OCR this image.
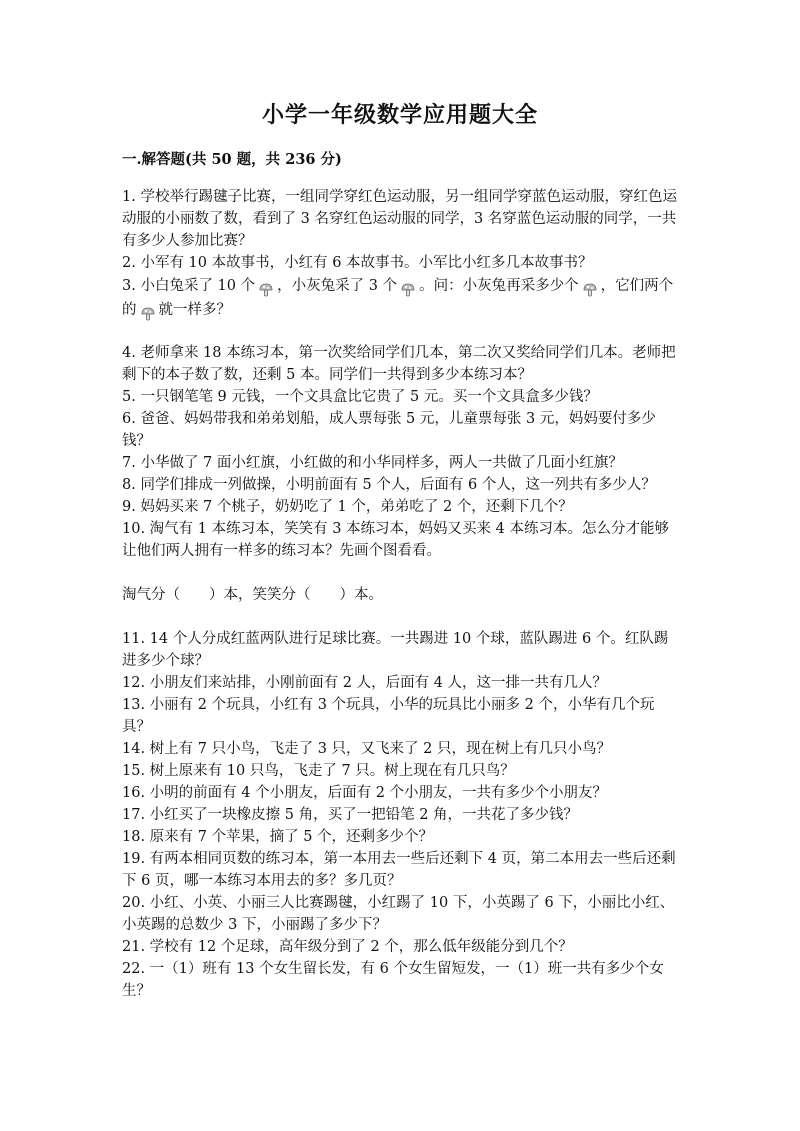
小学一年级数学应用题大全
一.解答题(共 50 题，共 236 分)

1. 学校举行踢毽子比赛，一组同学穿红色运动服，另一组同学穿蓝色运动服，穿红色运动服的小丽数了数，看到了 3 名穿红色运动服的同学，3 名穿蓝色运动服的同学，一共有多少人参加比赛？

2. 小军有 10 本故事书，小红有 6 本故事书。小军比小红多几本故事书？

3. 小白兔采了 10 个 ，小灰兔采了 3 个 。问：小灰兔再采多少个 ，它们两个的 就一样多？

4. 老师拿来 18 本练习本，第一次奖给同学们几本，第二次又奖给同学们几本。老师把剩下的本子数了数，还剩 5 本。同学们一共得到多少本练习本？

5. 一只钢笔笔 9 元钱，一个文具盒比它贵了 5 元。买一个文具盒多少钱？

6. 爸爸、妈妈带我和弟弟划船，成人票每张 5 元，儿童票每张 3 元，妈妈要付多少钱？

7. 小华做了 7 面小红旗，小红做的和小华同样多，两人一共做了几面小红旗？

8. 同学们排成一列做操，小明前面有 5 个人，后面有 6 个人，这一列共有多少人？

9. 妈妈买来 7 个桃子，奶奶吃了 1 个，弟弟吃了 2 个，还剩下几个？

10. 淘气有 1 本练习本，笑笑有 3 本练习本，妈妈又买来 4 本练习本。怎么分才能够让他们两人拥有一样多的练习本？先画个图看看。

淘气分（　　）本，笑笑分（　　）本。

11. 14 个人分成红蓝两队进行足球比赛。一共踢进 10 个球，蓝队踢进 6 个。红队踢进多少个球？

12. 小朋友们来站排，小刚前面有 2 人，后面有 4 人，这一排一共有几人？

13. 小丽有 2 个玩具，小红有 3 个玩具，小华的玩具比小丽多 2 个，小华有几个玩具？

14. 树上有 7 只小鸟，飞走了 3 只，又飞来了 2 只，现在树上有几只小鸟？

15. 树上原来有 10 只鸟，飞走了 7 只。树上现在有几只鸟？

16. 小明的前面有 4 个小朋友，后面有 2 个小朋友，一共有多少个小朋友？

17. 小红买了一块橡皮擦 5 角，买了一把铅笔 2 角，一共花了多少钱？

18. 原来有 7 个苹果，摘了 5 个，还剩多少个？

19. 有两本相同页数的练习本，第一本用去一些后还剩下 4 页，第二本用去一些后还剩下 6 页，哪一本练习本用去的多？多几页？

20. 小红、小英、小丽三人比赛踢毽，小红踢了 10 下，小英踢了 6 下，小丽比小红、小英踢的总数少 3 下，小丽踢了多少下？

21. 学校有 12 个足球，高年级分到了 2 个，那么低年级能分到几个？

22. 一（1）班有 13 个女生留长发，有 6 个女生留短发，一（1）班一共有多少个女生？
